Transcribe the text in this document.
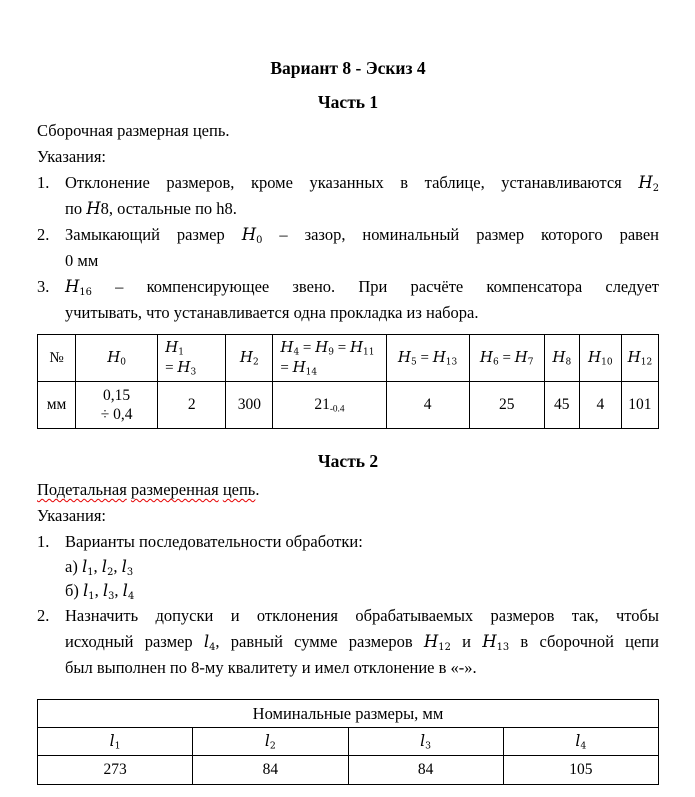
Вариант 8 - Эскиз 4
Часть 1
Сборочная размерная цепь.
Указания:
1. Отклонение размеров, кроме указанных в таблице, устанавливаются $H_2$
по H8, остальные по h8.
2. Замыкающий размер $H_0$ – зазор, номинальный размер которого равен
0 мм
3. $H_{16}$ – компенсирующее звено. При расчёте компенсатора следует
учитывать, что устанавливается одна прокладка из набора.
№	$H_0$	
$H_1$
= $H_3$
	$H_2$	
$H_4 = H_9 = H_{11}$
= $H_{14}$
	$H_5 = H_{13}$	$H_6 = H_7$	$H_8$	$H_{10}$	$H_{12}$
мм	0,15
÷ 0,4	2	300	$21_{-0.4}$	4	25	45	4	101
Часть 2
Подетальная размеренная цепь.
Указания:
1. Варианты последовательности обработки:
а) $l_1$, $l_2$, $l_3$
б) $l_1$, $l_3$, $l_4$
2. Назначить допуски и отклонения обрабатываемых размеров так, чтобы
исходный размер $l_4$, равный сумме размеров $H_{12}$ и $H_{13}$ в сборочной цепи
был выполнен по 8-му квалитету и имел отклонение в «-».
Номинальные размеры, мм			
$l_1$	$l_2$	$l_3$	$l_4$
273	84	84	105
